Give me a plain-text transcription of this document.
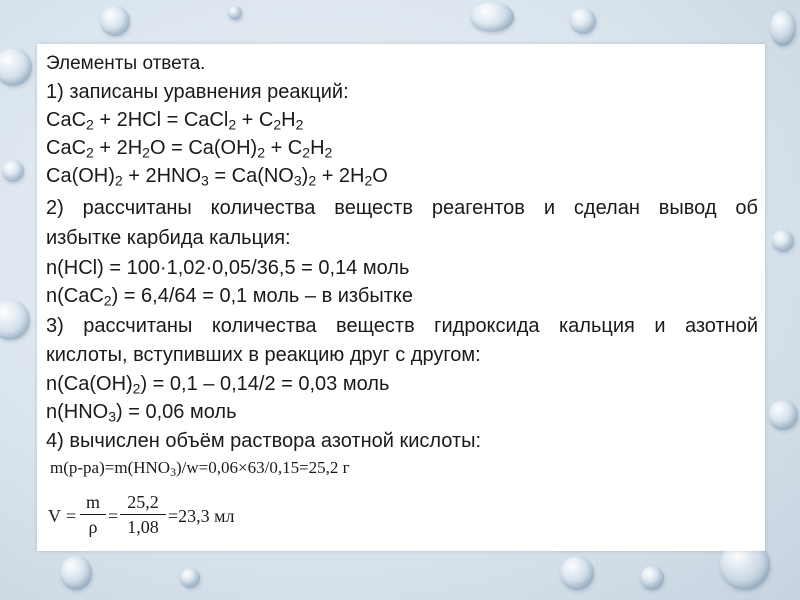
Элементы ответа.
1) записаны уравнения реакций:
CaC$_2$ + 2HCl = CaCl$_2$ + $C_2H_2$
$CaC_2 + 2H_2O = Ca(OH)_2 + C_2H_2$
$Ca(OH)_2 + 2HNO_3 = Ca(NO_3)_2 + 2H_2O$
2) рассчитаны количества веществ реагентов и сделан вывод об
избытке карбида кальция:
n(HCl) = 100·1,02·0,05/36,5 = 0,14 моль
n(CaC$_2$) = 6,4/64 = 0,1 моль – в избытке
3) рассчитаны количества веществ гидроксида кальция и азотной
кислоты, вступивших в реакцию друг с другом:
$n(Ca(OH)_2) = 0,1 - 0,14/2 = 0,03$ моль
$n(HNO_3) = 0,06$ моль
4) вычислен объём раствора азотной кислоты:
$m(р-ра)=m(HNO_3)/w=0,06\times 63/0,15=25,2$ г
V =
m
ρ
=
25,2
1,08
=23,3 мл
